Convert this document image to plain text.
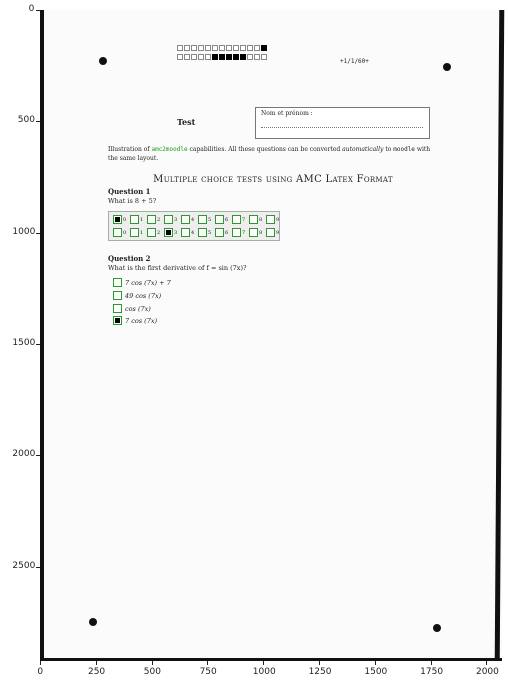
0	250	500	750	1000	1250	1500	1750	2000
0
500
1000
1500
2000
2500
+1/1/60+
Test
Nom et prénom :
Illustration of amc2moodle capabilities. All these questions can be converted automatically to moodle with the same layout.
Multiple choice tests using AMC Latex Format
Question 1
What is 8 + 5?
0	1	2	3	4	5	6	7	8	9
0	1	2	3	4	5	6	7	8	9
Question 2
What is the first derivative of f = sin (7x)?
7 cos (7x) + 7
49 cos (7x)
cos (7x)
7 cos (7x)
